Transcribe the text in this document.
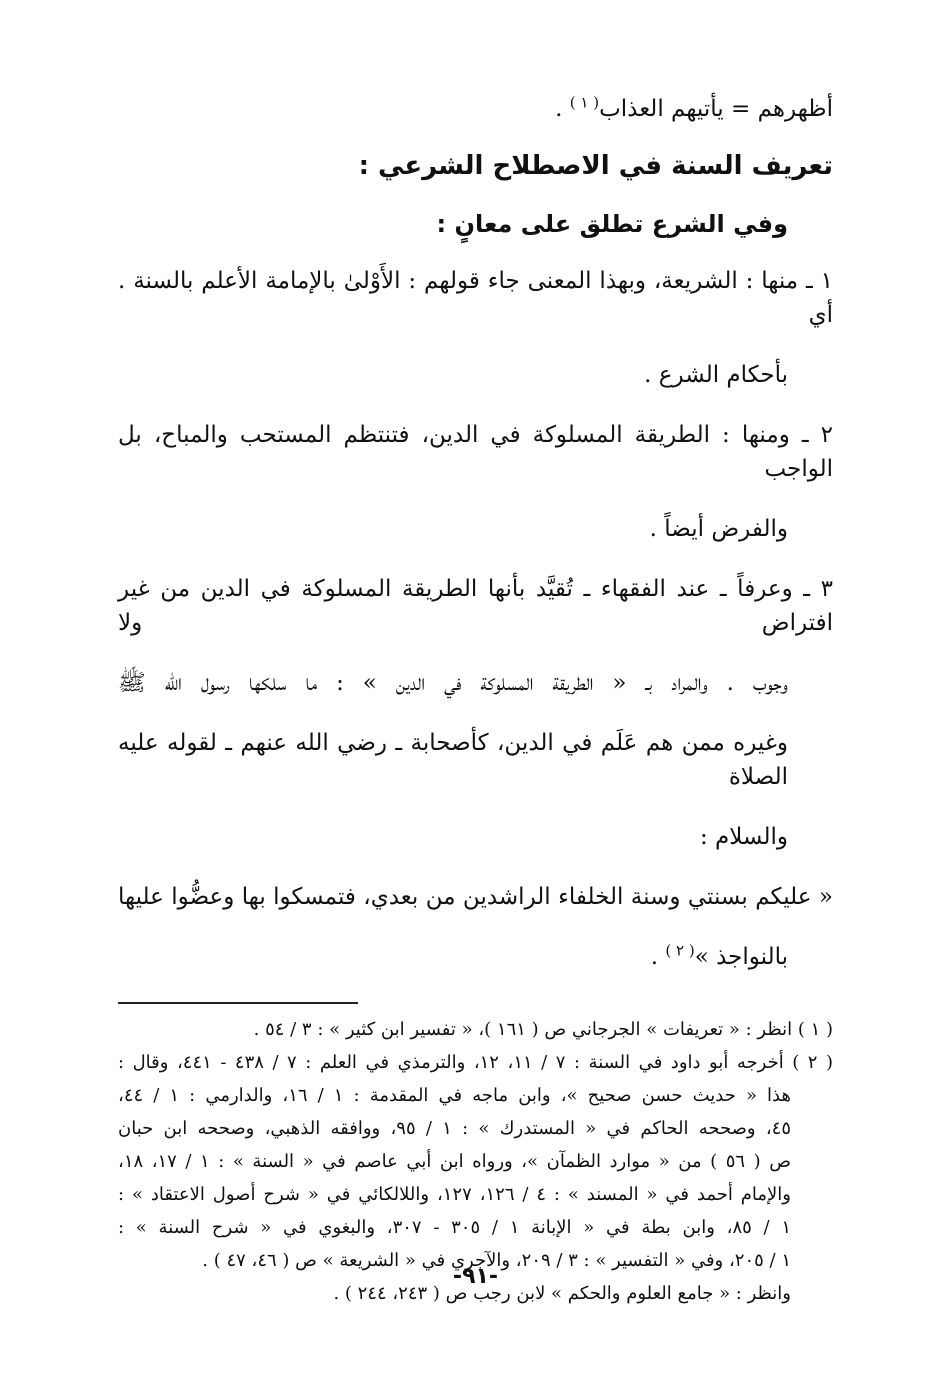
أظهرهم = يأتيهم العذاب$^{( ١ )}$ .
تعريف السنة في الاصطلاح الشرعي :
وفي الشرع تطلق على معانٍ :
١ ـ منها : الشريعة، وبهذا المعنى جاء قولهم : الأَوْلىٰ بالإمامة الأعلم بالسنة . أي
بأحكام الشرع .
٢ ـ ومنها : الطريقة المسلوكة في الدين، فتنتظم المستحب والمباح، بل الواجب
والفرض أيضاً .
٣ ـ وعرفاً ـ عند الفقهاء ـ تُقيَّد بأنها الطريقة المسلوكة في الدين من غير افتراض ولا
وجوب . والمراد بـ « الطريقة المسلوكة في الدين » : ما سلكها رسول الله ﷺ
وغيره ممن هم عَلَم في الدين، كأصحابة ـ رضي الله عنهم ـ لقوله عليه الصلاة
والسلام :
« عليكم بسنتي وسنة الخلفاء الراشدين من بعدي، فتمسكوا بها وعضُّوا عليها
بالنواجذ »$^{( ٢ )}$ .
( ١ ) انظر : « تعريفات » الجرجاني ص ( ١٦١ )، « تفسير ابن كثير » : ٣ / ٥٤ .
( ٢ ) أخرجه أبو داود في السنة : ٧ / ١١، ١٢، والترمذي في العلم : ٧ / ٤٣٨ - ٤٤١، وقال :
هذا « حديث حسن صحيح »، وابن ماجه في المقدمة : ١ / ١٦، والدارمي : ١ / ٤٤،
٤٥، وصححه الحاكم في « المستدرك » : ١ / ٩٥، ووافقه الذهبي، وصححه ابن حبان
ص ( ٥٦ ) من « موارد الظمآن »، ورواه ابن أبي عاصم في « السنة » : ١ / ١٧، ١٨،
والإمام أحمد في « المسند » : ٤ / ١٢٦، ١٢٧، واللالكائي في « شرح أصول الاعتقاد » :
١ / ٨٥، وابن بطة في « الإبانة ١ / ٣٠٥ - ٣٠٧، والبغوي في « شرح السنة » :
١ / ٢٠٥، وفي « التفسير » : ٣ / ٢٠٩، والآجري في « الشريعة » ص ( ٤٦، ٤٧ ) .
وانظر : « جامع العلوم والحكم » لابن رجب ص ( ٢٤٣، ٢٤٤ ) .
-٩١-
